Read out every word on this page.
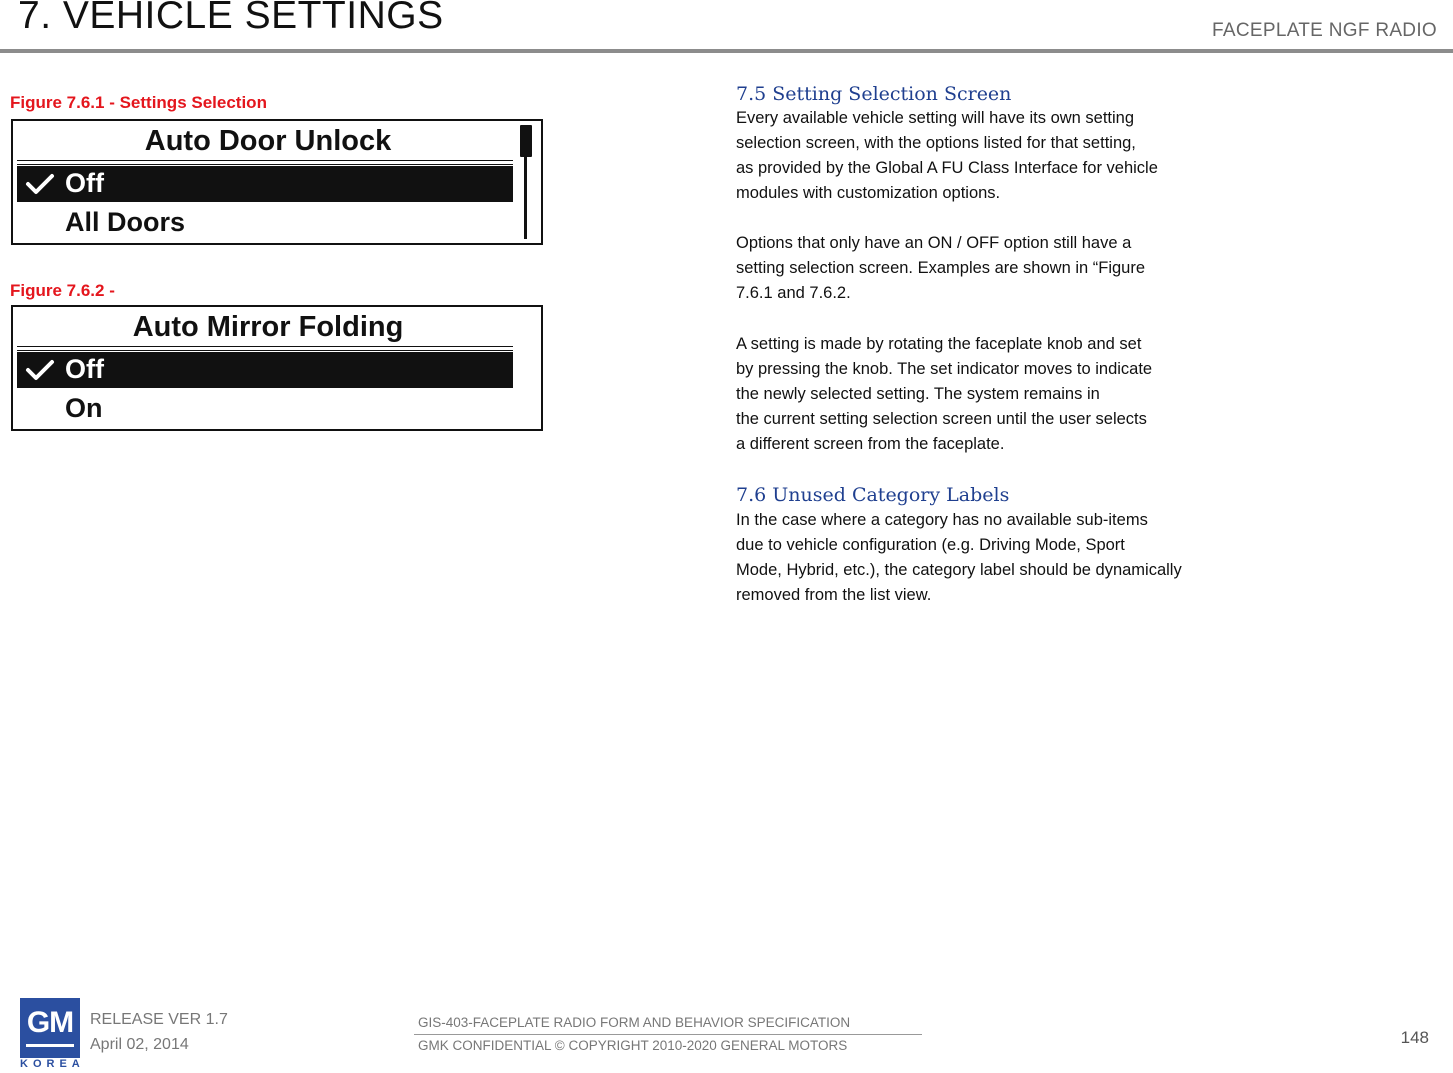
7. VEHICLE SETTINGS	FACEPLATE NGF RADIO
Figure 7.6.1 - Settings Selection
Auto Door Unlock
Off
All Doors
Figure 7.6.2 -
Auto Mirror Folding
Off
On
7.5 Setting Selection Screen
Every available vehicle setting will have its own setting
selection screen, with the options listed for that setting,
as provided by the Global A FU Class Interface for vehicle
modules with customization options.
Options that only have an ON / OFF option still have a
setting selection screen. Examples are shown in “Figure
7.6.1 and 7.6.2.
A setting is made by rotating the faceplate knob and set
by pressing the knob. The set indicator moves to indicate
the newly selected setting. The system remains in
the current setting selection screen until the user selects
a different screen from the faceplate.
7.6 Unused Category Labels
In the case where a category has no available sub-items
due to vehicle configuration (e.g. Driving Mode, Sport
Mode, Hybrid, etc.), the category label should be dynamically
removed from the list view.
GM
KOREA
RELEASE VER 1.7
April 02, 2014
GIS-403-FACEPLATE RADIO FORM AND BEHAVIOR SPECIFICATION
GMK CONFIDENTIAL © COPYRIGHT 2010-2020 GENERAL MOTORS	148
